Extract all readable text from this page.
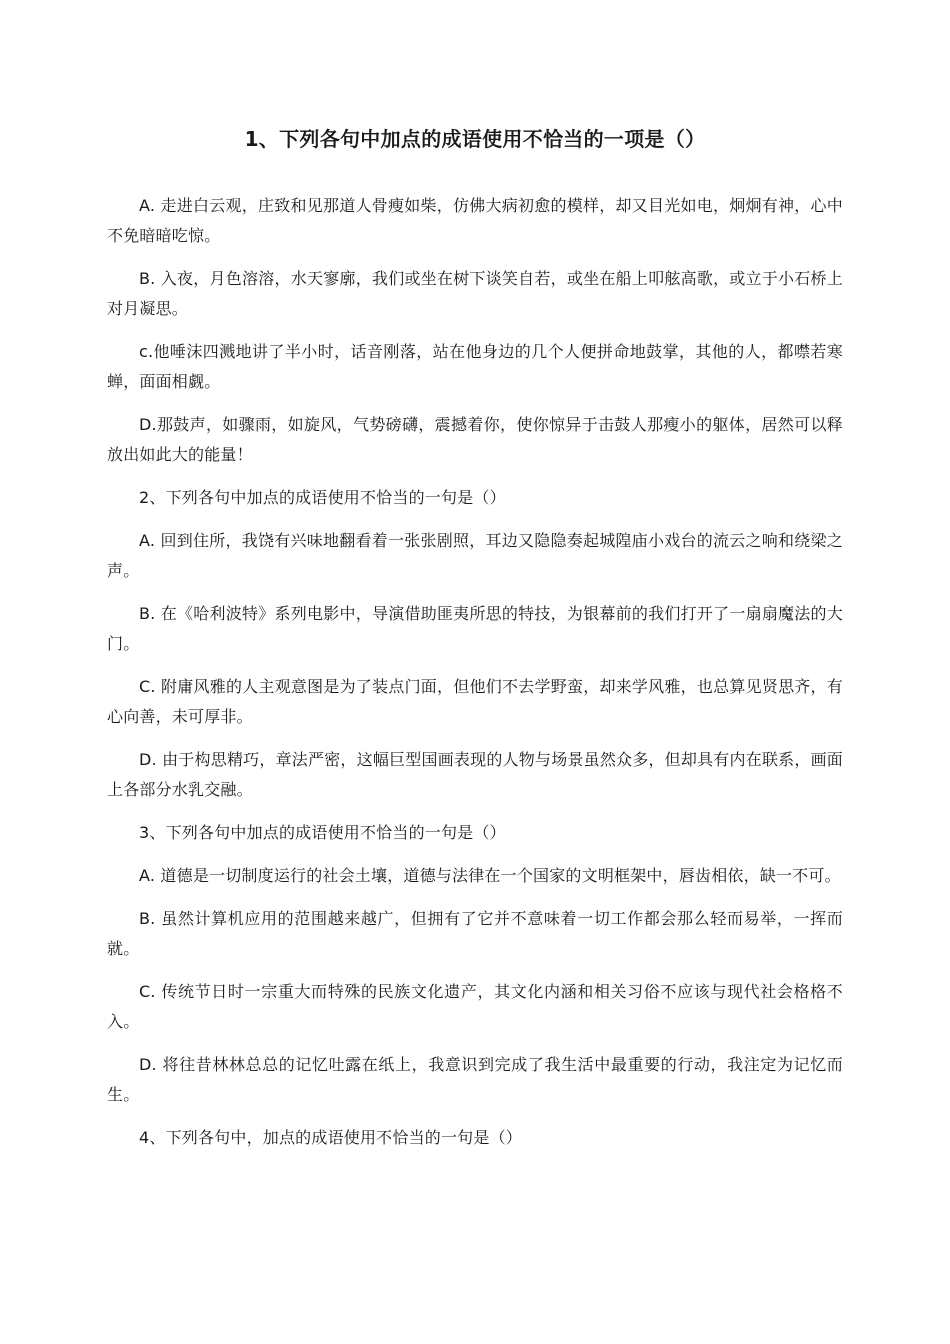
1、下列各句中加点的成语使用不恰当的一项是（）

A. 走进白云观，庄致和见那道人骨瘦如柴，仿佛大病初愈的模样，却又目光如电，炯炯有神，心中不免暗暗吃惊。

B. 入夜，月色溶溶，水天寥廓，我们或坐在树下谈笑自若，或坐在船上叩舷高歌，或立于小石桥上对月凝思。

c.他唾沫四溅地讲了半小时，话音刚落，站在他身边的几个人便拼命地鼓掌，其他的人，都噤若寒蝉，面面相觑。

D.那鼓声，如骤雨，如旋风，气势磅礴，震撼着你，使你惊异于击鼓人那瘦小的躯体，居然可以释放出如此大的能量！

2、下列各句中加点的成语使用不恰当的一句是（）

A. 回到住所，我饶有兴味地翻看着一张张剧照，耳边又隐隐奏起城隍庙小戏台的流云之响和绕梁之声。

B. 在《哈利波特》系列电影中，导演借助匪夷所思的特技，为银幕前的我们打开了一扇扇魔法的大门。

C. 附庸风雅的人主观意图是为了装点门面，但他们不去学野蛮，却来学风雅，也总算见贤思齐，有心向善，未可厚非。

D. 由于构思精巧，章法严密，这幅巨型国画表现的人物与场景虽然众多，但却具有内在联系，画面上各部分水乳交融。

3、下列各句中加点的成语使用不恰当的一句是（）

A. 道德是一切制度运行的社会土壤，道德与法律在一个国家的文明框架中，唇齿相依，缺一不可。

B. 虽然计算机应用的范围越来越广，但拥有了它并不意味着一切工作都会那么轻而易举，一挥而就。

C. 传统节日时一宗重大而特殊的民族文化遗产，其文化内涵和相关习俗不应该与现代社会格格不入。

D. 将往昔林林总总的记忆吐露在纸上，我意识到完成了我生活中最重要的行动，我注定为记忆而生。

4、下列各句中，加点的成语使用不恰当的一句是（）
